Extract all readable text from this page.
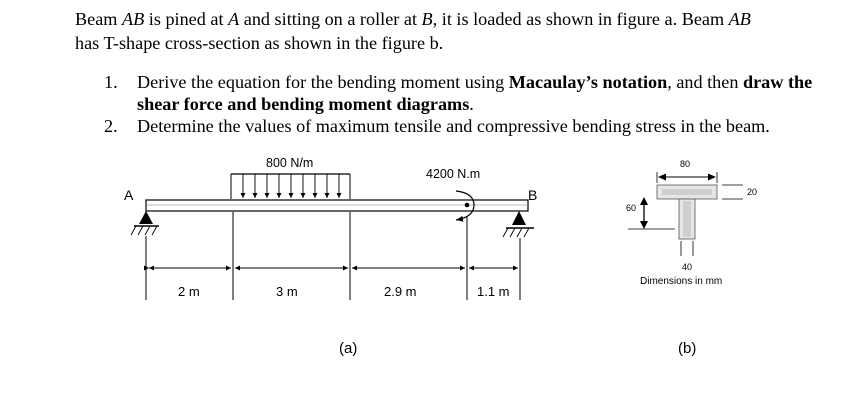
Beam AB is pined at A and sitting on a roller at B, it is loaded as shown in figure a. Beam AB
has T-shape cross-section as shown in the figure b.
1. Derive the equation for the bending moment using Macaulay’s notation, and then draw the shear force and bending moment diagrams.
2. Determine the values of maximum tensile and compressive bending stress in the beam.
A	B
800 N/m
4200 N.m
2 m	3 m	2.9 m	1.1 m
(a)
80
20
60
40
Dimensions in mm
(b)
